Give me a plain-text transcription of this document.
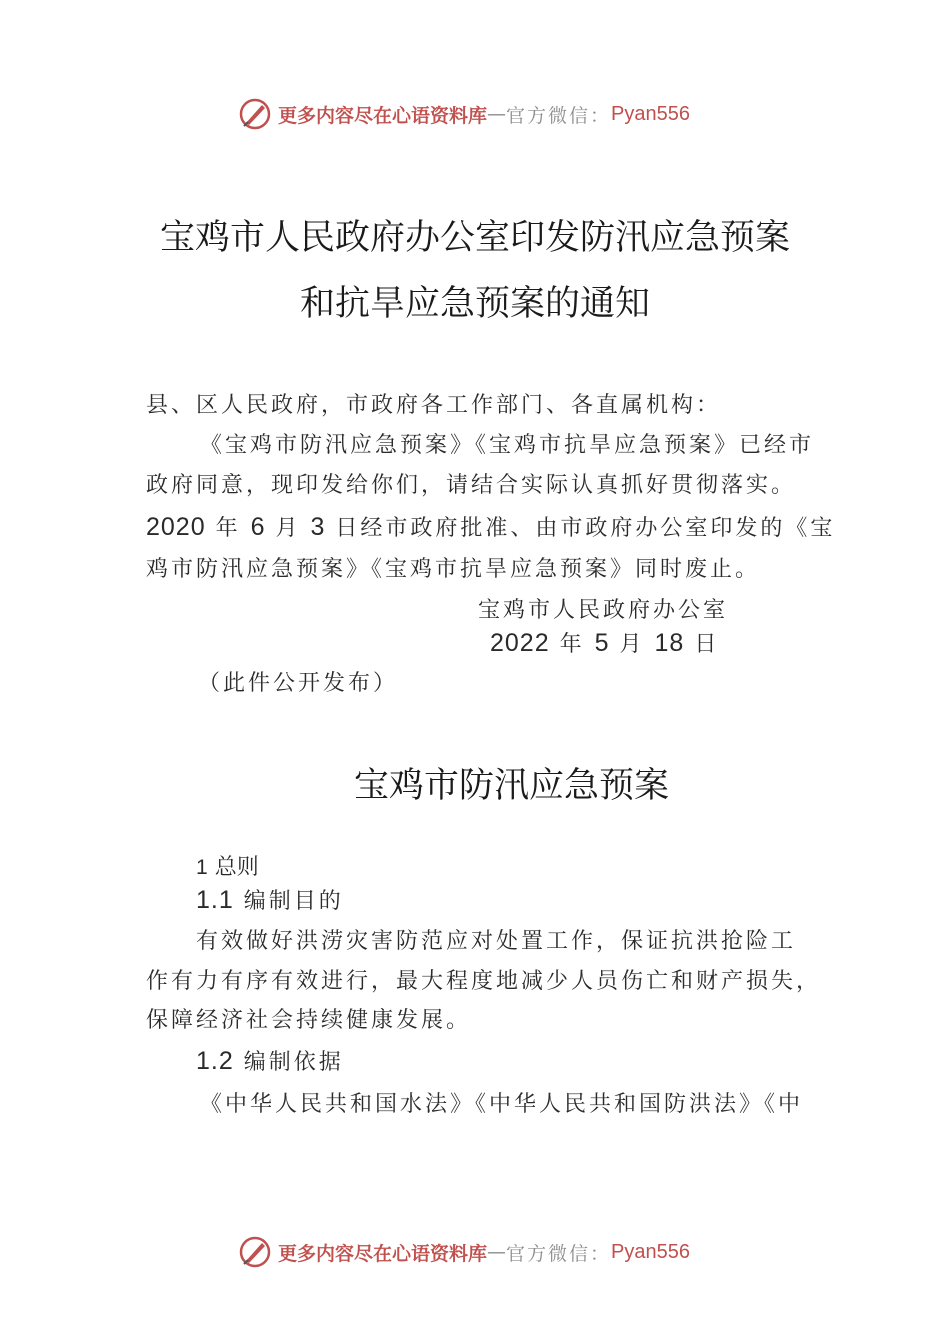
更多内容尽在心语资料库 — 官方微信： Pyan556
宝鸡市人民政府办公室印发防汛应急预案
和抗旱应急预案的通知
县、区人民政府，市政府各工作部门、各直属机构：
《宝鸡市防汛应急预案》《宝鸡市抗旱应急预案》已经市
政府同意，现印发给你们，请结合实际认真抓好贯彻落实。
2020 年 6 月 3 日经市政府批准、由市政府办公室印发的《宝
鸡市防汛应急预案》《宝鸡市抗旱应急预案》同时废止。
宝鸡市人民政府办公室
2022 年 5 月 18 日
（此件公开发布）
宝鸡市防汛应急预案
1 总则
1.1 编制目的
有效做好洪涝灾害防范应对处置工作，保证抗洪抢险工
作有力有序有效进行，最大程度地减少人员伤亡和财产损失，
保障经济社会持续健康发展。
1.2 编制依据
《中华人民共和国水法》《中华人民共和国防洪法》《中
更多内容尽在心语资料库 — 官方微信： Pyan556
